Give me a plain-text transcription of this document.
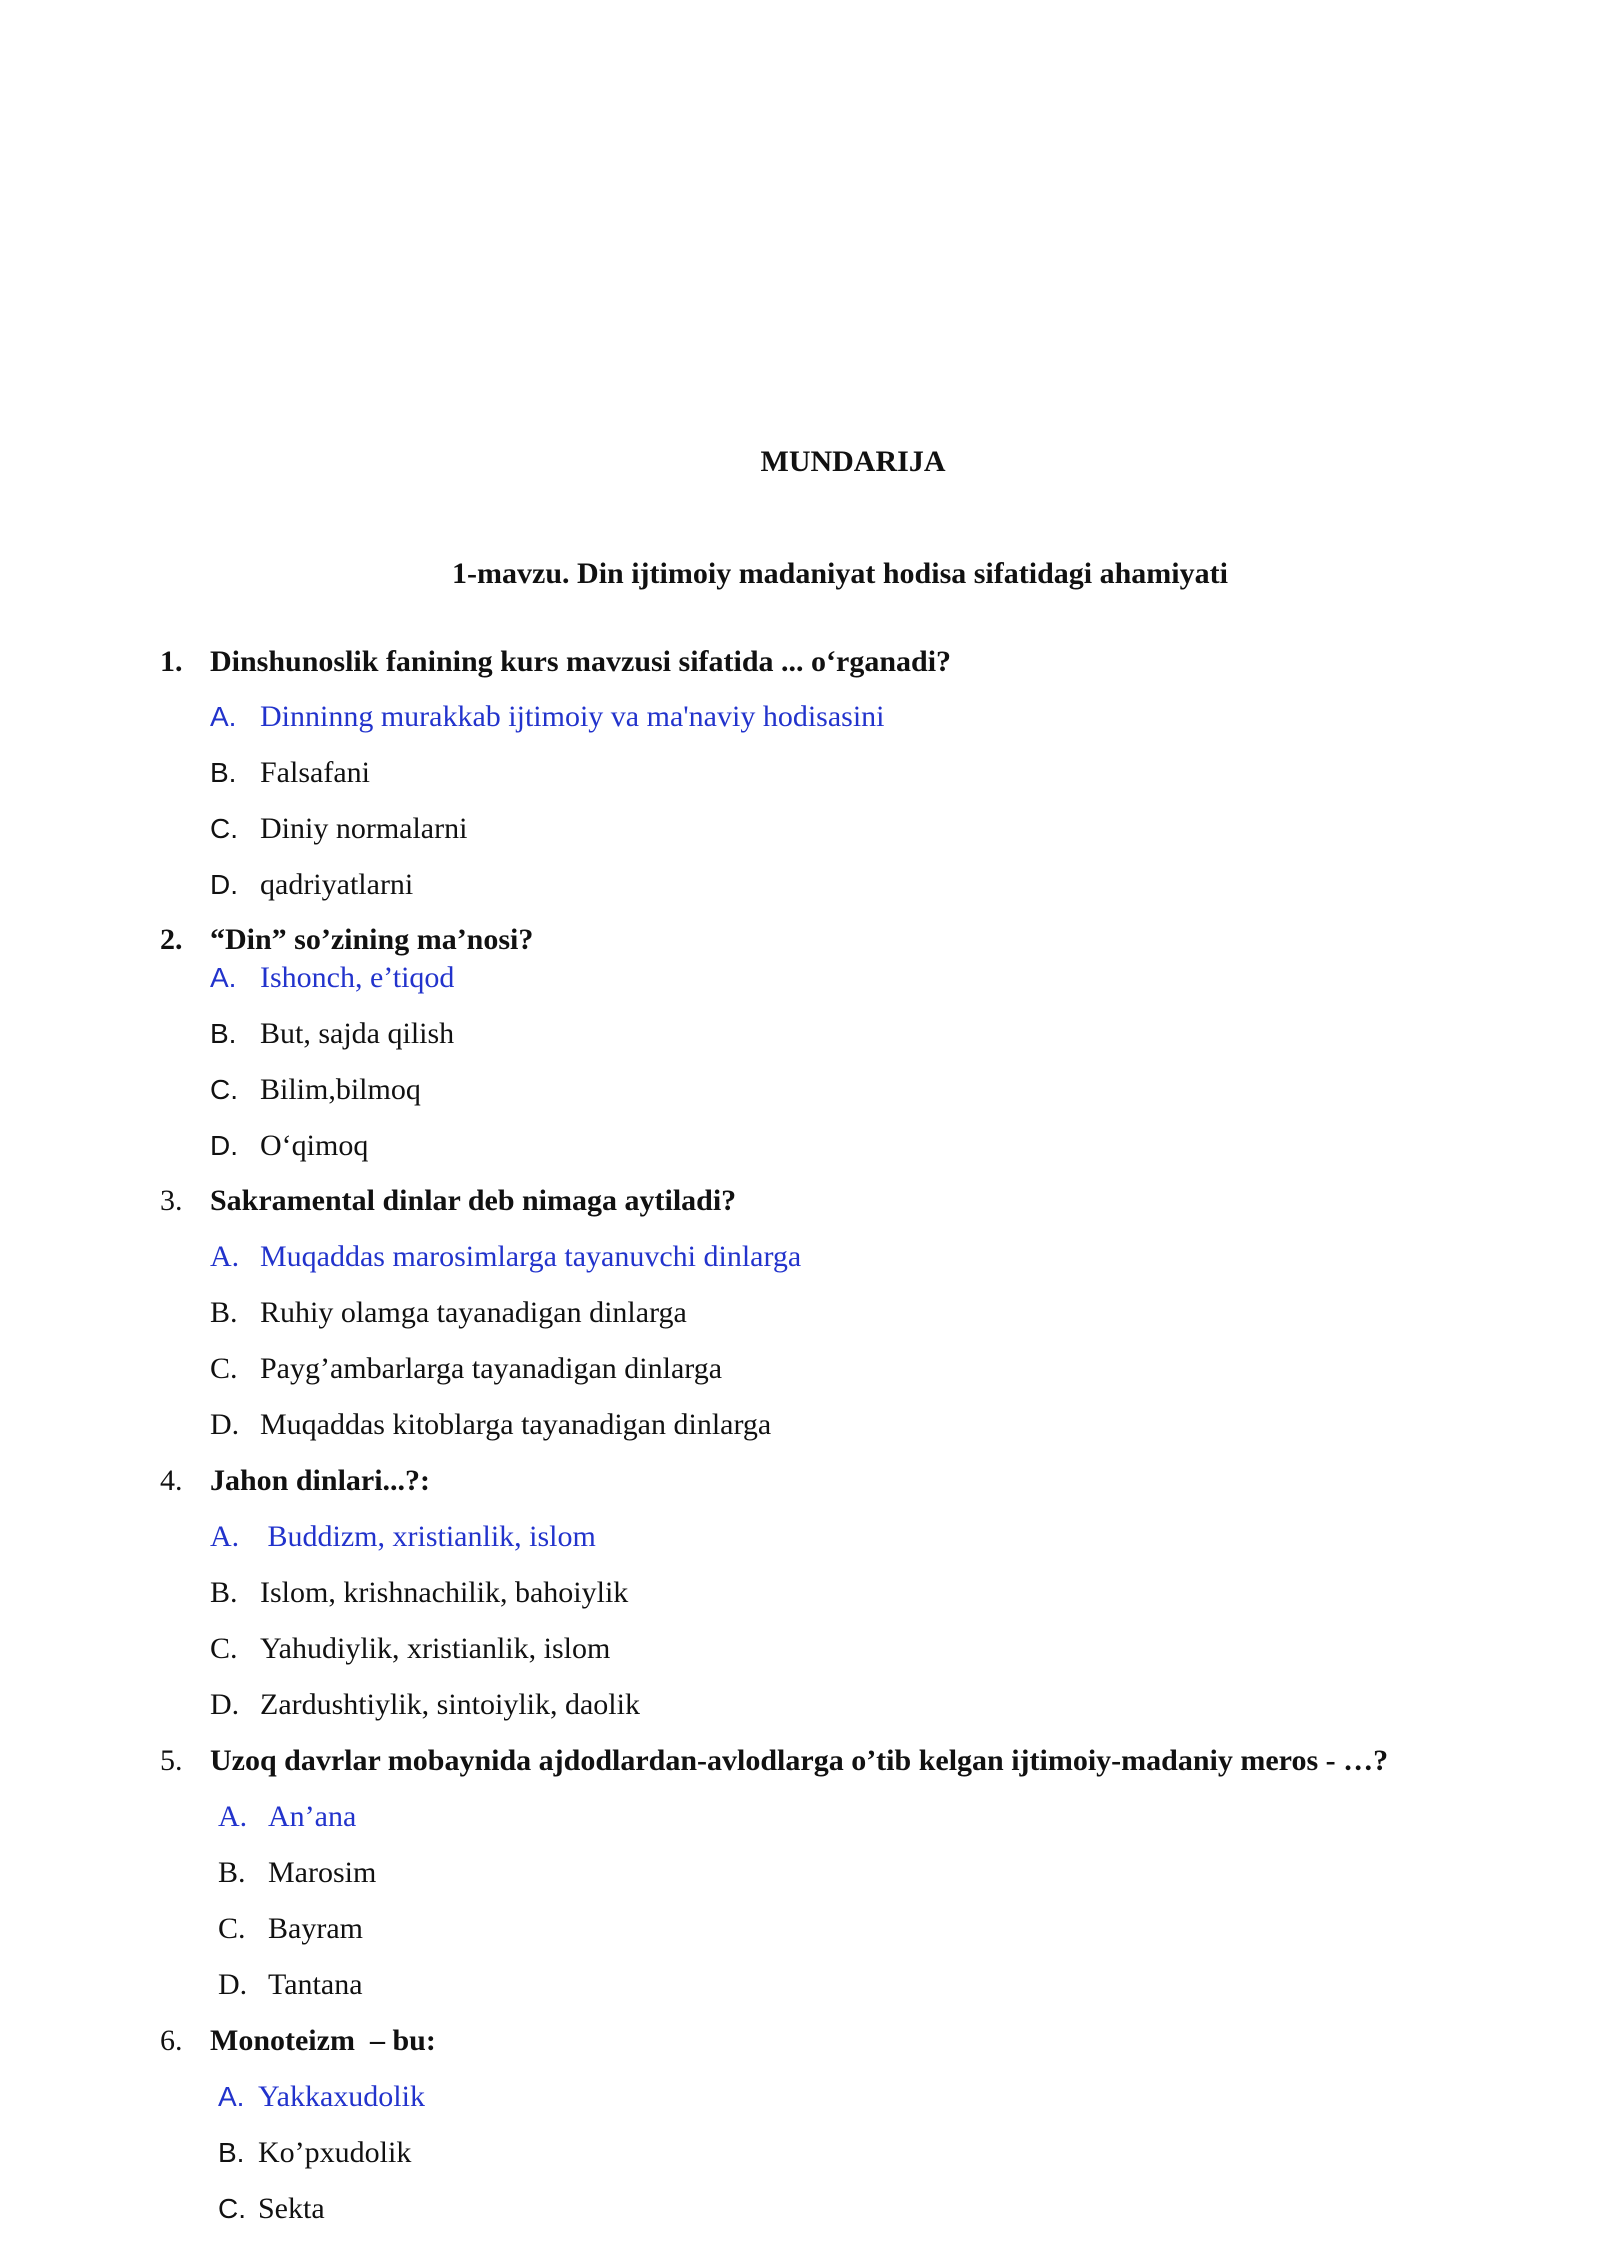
MUNDARIJA
1-mavzu. Din ijtimoiy madaniyat hodisa sifatidagi ahamiyati
1. Dinshunoslik fanining kurs mavzusi sifatida ... o‘rganadi?
A. Dinninng murakkab ijtimoiy va ma'naviy hodisasini
B. Falsafani
C. Diniy normalarni
D. qadriyatlarni
2. “Din” so’zining ma’nosi?
A. Ishonch, e’tiqod
B. But, sajda qilish
C. Bilim,bilmoq
D. O‘qimoq
3. Sakramental dinlar deb nimaga aytiladi?
A. Muqaddas marosimlarga tayanuvchi dinlarga
B. Ruhiy olamga tayanadigan dinlarga
C. Payg’ambarlarga tayanadigan dinlarga
D. Muqaddas kitoblarga tayanadigan dinlarga
4. Jahon dinlari...?:
A. Buddizm, xristianlik, islom
B. Islom, krishnachilik, bahoiylik
C. Yahudiylik, xristianlik, islom
D. Zardushtiylik, sintoiylik, daolik
5. Uzoq davrlar mobaynida ajdodlardan-avlodlarga o’tib kelgan ijtimoiy-madaniy meros - …?
A. An’ana
B. Marosim
C. Bayram
D. Tantana
6. Monoteizm  – bu:
A. Yakkaxudolik
B. Ko’pxudolik
C. Sekta
